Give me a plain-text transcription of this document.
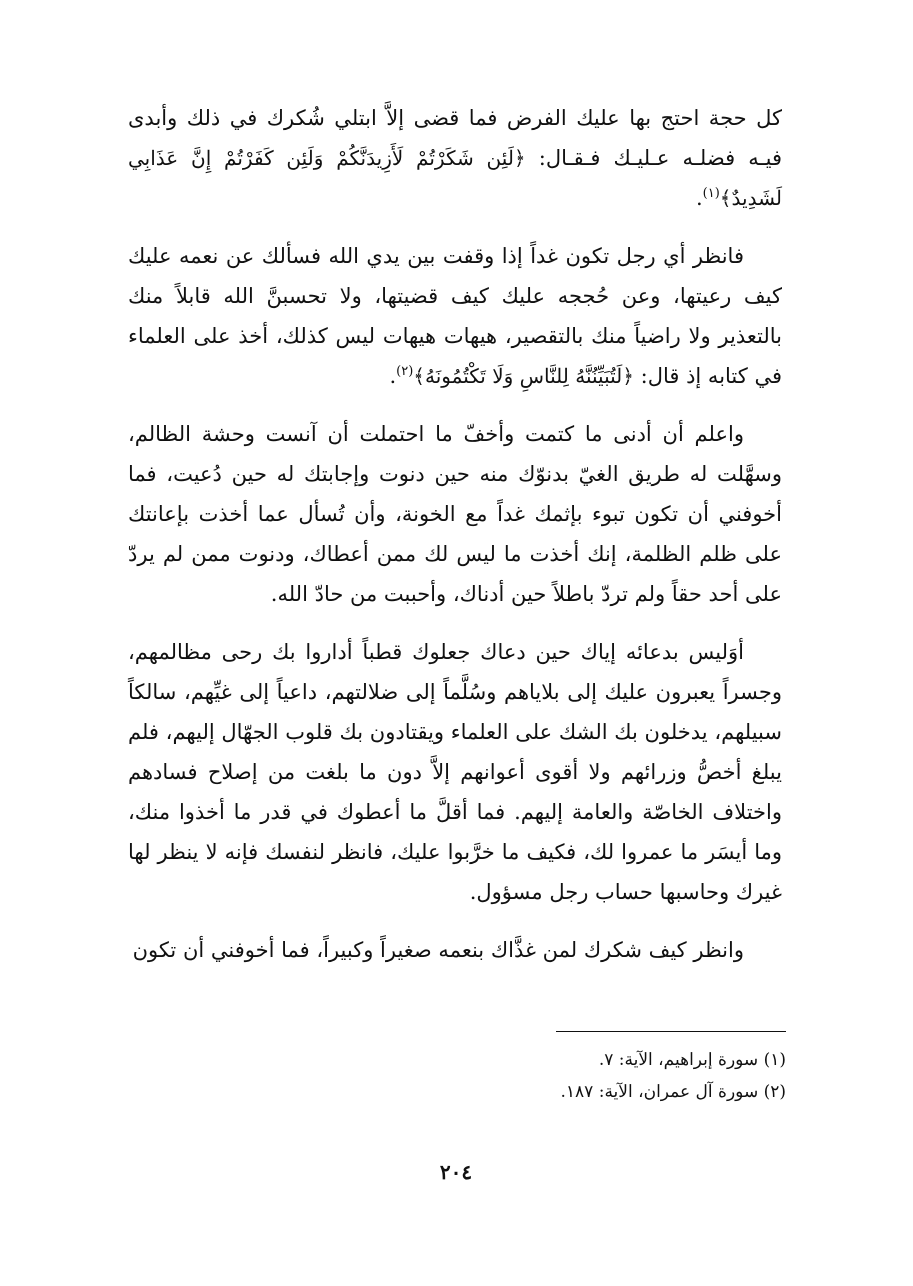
كل حجة احتج بها عليك الفرض فما قضى إلاَّ ابتلي شُكرك في ذلك وأبدى فيـه فضلـه عـليـك فـقـال: ﴿لَئِن شَكَرْتُمْ لَأَزِيدَنَّكُمْ وَلَئِن كَفَرْتُمْ إِنَّ عَذَابِي لَشَدِيدٌ﴾$^{(١)}$.

فانظر أي رجل تكون غداً إذا وقفت بين يدي الله فسألك عن نعمه عليك كيف رعيتها، وعن حُججه عليك كيف قضيتها، ولا تحسبنَّ الله قابلاً منك بالتعذير ولا راضياً منك بالتقصير، هيهات هيهات ليس كذلك، أخذ على العلماء في كتابه إذ قال: ﴿لَتُبَيِّنُنَّهُ لِلنَّاسِ وَلَا تَكْتُمُونَهُ﴾$^{(٢)}$.

واعلم أن أدنى ما كتمت وأخفّ ما احتملت أن آنست وحشة الظالم، وسهَّلت له طريق الغيّ بدنوّك منه حين دنوت وإجابتك له حين دُعيت، فما أخوفني أن تكون تبوء بإثمك غداً مع الخونة، وأن تُسأل عما أخذت بإعانتك على ظلم الظلمة، إنك أخذت ما ليس لك ممن أعطاك، ودنوت ممن لم يردّ على أحد حقاً ولم تردّ باطلاً حين أدناك، وأحببت من حادّ الله.

أوَليس بدعائه إياك حين دعاك جعلوك قطباً أداروا بك رحى مظالمهم، وجسراً يعبرون عليك إلى بلاياهم وسُلَّماً إلى ضلالتهم، داعياً إلى غيِّهم، سالكاً سبيلهم، يدخلون بك الشك على العلماء ويقتادون بك قلوب الجهّال إليهم، فلم يبلغ أخصُّ وزرائهم ولا أقوى أعوانهم إلاَّ دون ما بلغت من إصلاح فسادهم واختلاف الخاصّة والعامة إليهم. فما أقلَّ ما أعطوك في قدر ما أخذوا منك، وما أيسَر ما عمروا لك، فكيف ما خرَّبوا عليك، فانظر لنفسك فإنه لا ينظر لها غيرك وحاسبها حساب رجل مسؤول.

وانظر كيف شكرك لمن غذَّاك بنعمه صغيراً وكبيراً، فما أخوفني أن تكون

(١) سورة إبراهيم، الآية: ٧.

(٢) سورة آل عمران، الآية: ١٨٧.

٢٠٤
